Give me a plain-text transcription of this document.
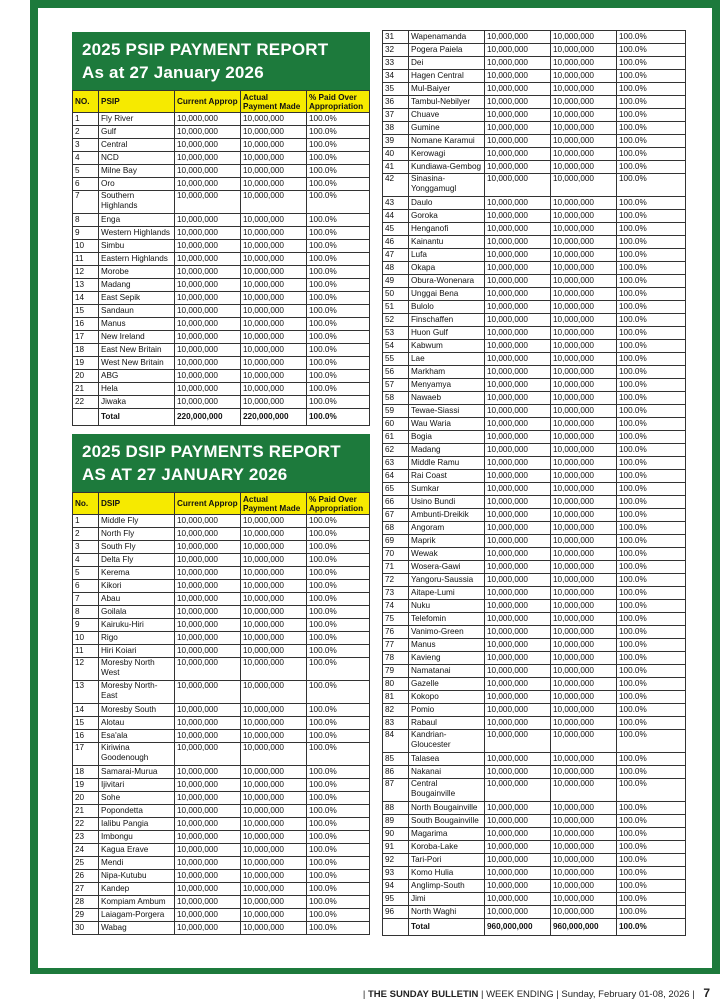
2025 PSIP PAYMENT REPORT
As at 27 January 2026
NO.	PSIP	Current Approp	Actual Payment Made	% Paid Over Appropriation
1	Fly River	10,000,000	10,000,000	100.0%
2	Gulf	10,000,000	10,000,000	100.0%
3	Central	10,000,000	10,000,000	100.0%
4	NCD	10,000,000	10,000,000	100.0%
5	Milne Bay	10,000,000	10,000,000	100.0%
6	Oro	10,000,000	10,000,000	100.0%
7	Southern Highlands	10,000,000	10,000,000	100.0%
8	Enga	10,000,000	10,000,000	100.0%
9	Western Highlands	10,000,000	10,000,000	100.0%
10	Simbu	10,000,000	10,000,000	100.0%
11	Eastern Highlands	10,000,000	10,000,000	100.0%
12	Morobe	10,000,000	10,000,000	100.0%
13	Madang	10,000,000	10,000,000	100.0%
14	East Sepik	10,000,000	10,000,000	100.0%
15	Sandaun	10,000,000	10,000,000	100.0%
16	Manus	10,000,000	10,000,000	100.0%
17	New Ireland	10,000,000	10,000,000	100.0%
18	East New Britain	10,000,000	10,000,000	100.0%
19	West New Britain	10,000,000	10,000,000	100.0%
20	ABG	10,000,000	10,000,000	100.0%
21	Hela	10,000,000	10,000,000	100.0%
22	Jiwaka	10,000,000	10,000,000	100.0%
	Total	220,000,000	220,000,000	100.0%
2025 DSIP PAYMENTS REPORT
AS AT 27 JANUARY 2026
No.	DSIP	Current Approp	Actual Payment Made	% Paid Over Appropriation
1	Middle Fly	10,000,000	10,000,000	100.0%
2	North Fly	10,000,000	10,000,000	100.0%
3	South Fly	10,000,000	10,000,000	100.0%
4	Delta Fly	10,000,000	10,000,000	100.0%
5	Kerema	10,000,000	10,000,000	100.0%
6	Kikori	10,000,000	10,000,000	100.0%
7	Abau	10,000,000	10,000,000	100.0%
8	Goilala	10,000,000	10,000,000	100.0%
9	Kairuku-Hiri	10,000,000	10,000,000	100.0%
10	Rigo	10,000,000	10,000,000	100.0%
11	Hiri Koiari	10,000,000	10,000,000	100.0%
12	Moresby North West	10,000,000	10,000,000	100.0%
13	Moresby North-East	10,000,000	10,000,000	100.0%
14	Moresby South	10,000,000	10,000,000	100.0%
15	Alotau	10,000,000	10,000,000	100.0%
16	Esa'ala	10,000,000	10,000,000	100.0%
17	Kiriwina Goodenough	10,000,000	10,000,000	100.0%
18	Samarai-Murua	10,000,000	10,000,000	100.0%
19	Ijivitari	10,000,000	10,000,000	100.0%
20	Sohe	10,000,000	10,000,000	100.0%
21	Popondetta	10,000,000	10,000,000	100.0%
22	Ialibu Pangia	10,000,000	10,000,000	100.0%
23	Imbongu	10,000,000	10,000,000	100.0%
24	Kagua Erave	10,000,000	10,000,000	100.0%
25	Mendi	10,000,000	10,000,000	100.0%
26	Nipa-Kutubu	10,000,000	10,000,000	100.0%
27	Kandep	10,000,000	10,000,000	100.0%
28	Kompiam Ambum	10,000,000	10,000,000	100.0%
29	Laiagam-Porgera	10,000,000	10,000,000	100.0%
30	Wabag	10,000,000	10,000,000	100.0%
31	Wapenamanda	10,000,000	10,000,000	100.0%
32	Pogera Paiela	10,000,000	10,000,000	100.0%
33	Dei	10,000,000	10,000,000	100.0%
34	Hagen Central	10,000,000	10,000,000	100.0%
35	Mul-Baiyer	10,000,000	10,000,000	100.0%
36	Tambul-Nebilyer	10,000,000	10,000,000	100.0%
37	Chuave	10,000,000	10,000,000	100.0%
38	Gumine	10,000,000	10,000,000	100.0%
39	Nomane Karamui	10,000,000	10,000,000	100.0%
40	Kerowagi	10,000,000	10,000,000	100.0%
41	Kundiawa-Gembog	10,000,000	10,000,000	100.0%
42	Sinasina-Yonggamugl	10,000,000	10,000,000	100.0%
43	Daulo	10,000,000	10,000,000	100.0%
44	Goroka	10,000,000	10,000,000	100.0%
45	Henganofi	10,000,000	10,000,000	100.0%
46	Kainantu	10,000,000	10,000,000	100.0%
47	Lufa	10,000,000	10,000,000	100.0%
48	Okapa	10,000,000	10,000,000	100.0%
49	Obura-Wonenara	10,000,000	10,000,000	100.0%
50	Unggai Bena	10,000,000	10,000,000	100.0%
51	Bulolo	10,000,000	10,000,000	100.0%
52	Finschaffen	10,000,000	10,000,000	100.0%
53	Huon Gulf	10,000,000	10,000,000	100.0%
54	Kabwum	10,000,000	10,000,000	100.0%
55	Lae	10,000,000	10,000,000	100.0%
56	Markham	10,000,000	10,000,000	100.0%
57	Menyamya	10,000,000	10,000,000	100.0%
58	Nawaeb	10,000,000	10,000,000	100.0%
59	Tewae-Siassi	10,000,000	10,000,000	100.0%
60	Wau Waria	10,000,000	10,000,000	100.0%
61	Bogia	10,000,000	10,000,000	100.0%
62	Madang	10,000,000	10,000,000	100.0%
63	Middle Ramu	10,000,000	10,000,000	100.0%
64	Rai Coast	10,000,000	10,000,000	100.0%
65	Sumkar	10,000,000	10,000,000	100.0%
66	Usino Bundi	10,000,000	10,000,000	100.0%
67	Ambunti-Dreikik	10,000,000	10,000,000	100.0%
68	Angoram	10,000,000	10,000,000	100.0%
69	Maprik	10,000,000	10,000,000	100.0%
70	Wewak	10,000,000	10,000,000	100.0%
71	Wosera-Gawi	10,000,000	10,000,000	100.0%
72	Yangoru-Saussia	10,000,000	10,000,000	100.0%
73	Aitape-Lumi	10,000,000	10,000,000	100.0%
74	Nuku	10,000,000	10,000,000	100.0%
75	Telefomin	10,000,000	10,000,000	100.0%
76	Vanimo-Green	10,000,000	10,000,000	100.0%
77	Manus	10,000,000	10,000,000	100.0%
78	Kavieng	10,000,000	10,000,000	100.0%
79	Namatanai	10,000,000	10,000,000	100.0%
80	Gazelle	10,000,000	10,000,000	100.0%
81	Kokopo	10,000,000	10,000,000	100.0%
82	Pomio	10,000,000	10,000,000	100.0%
83	Rabaul	10,000,000	10,000,000	100.0%
84	Kandrian-Gloucester	10,000,000	10,000,000	100.0%
85	Talasea	10,000,000	10,000,000	100.0%
86	Nakanai	10,000,000	10,000,000	100.0%
87	Central Bougainville	10,000,000	10,000,000	100.0%
88	North Bougainville	10,000,000	10,000,000	100.0%
89	South Bougainville	10,000,000	10,000,000	100.0%
90	Magarima	10,000,000	10,000,000	100.0%
91	Koroba-Lake	10,000,000	10,000,000	100.0%
92	Tari-Pori	10,000,000	10,000,000	100.0%
93	Komo Hulia	10,000,000	10,000,000	100.0%
94	Anglimp-South	10,000,000	10,000,000	100.0%
95	Jimi	10,000,000	10,000,000	100.0%
96	North Waghi	10,000,000	10,000,000	100.0%
	Total	960,000,000	960,000,000	100.0%
| THE SUNDAY BULLETIN | WEEK ENDING | Sunday, February 01-08, 2026 | 7
